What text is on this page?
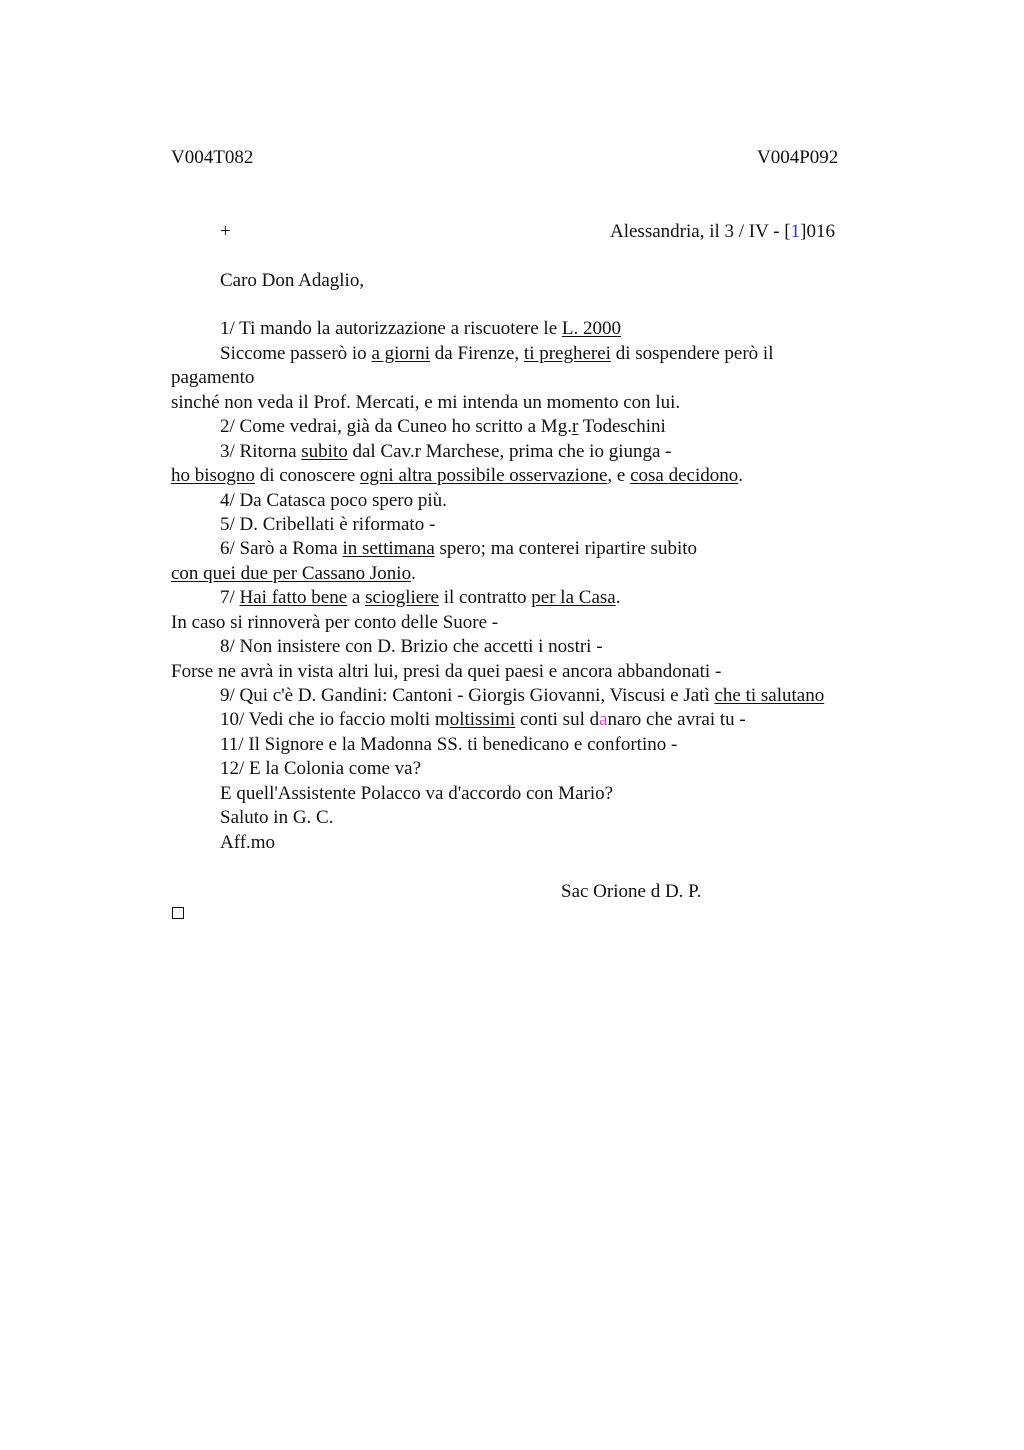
V004T082	V004P092
+	Alessandria, il 3 / IV - [1]016
Caro Don Adaglio,
1/ Ti mando la autorizzazione a riscuotere le L. 2000
Siccome passerò io a giorni da Firenze, ti pregherei di sospendere però il
pagamento
sinché non veda il Prof. Mercati, e mi intenda un momento con lui.
2/ Come vedrai, già da Cuneo ho scritto a Mg.r Todeschini
3/ Ritorna subito dal Cav.r Marchese, prima che io giunga -
ho bisogno di conoscere ogni altra possibile osservazione, e cosa decidono.
4/ Da Catasca poco spero più.
5/ D. Cribellati è riformato -
6/ Sarò a Roma in settimana spero; ma conterei ripartire subito
con quei due per Cassano Jonio.
7/ Hai fatto bene a sciogliere il contratto per la Casa.
In caso si rinnoverà per conto delle Suore -
8/ Non insistere con D. Brizio che accetti i nostri -
Forse ne avrà in vista altri lui, presi da quei paesi e ancora abbandonati -
9/ Qui c'è D. Gandini: Cantoni - Giorgis Giovanni, Viscusi e Jatì che ti salutano
10/ Vedi che io faccio molti moltissimi conti sul danaro che avrai tu -
11/ Il Signore e la Madonna SS. ti benedicano e confortino -
12/ E la Colonia come va?
E quell'Assistente Polacco va d'accordo con Mario?
Saluto in G. C.
Aff.mo
Sac Orione d D. P.
